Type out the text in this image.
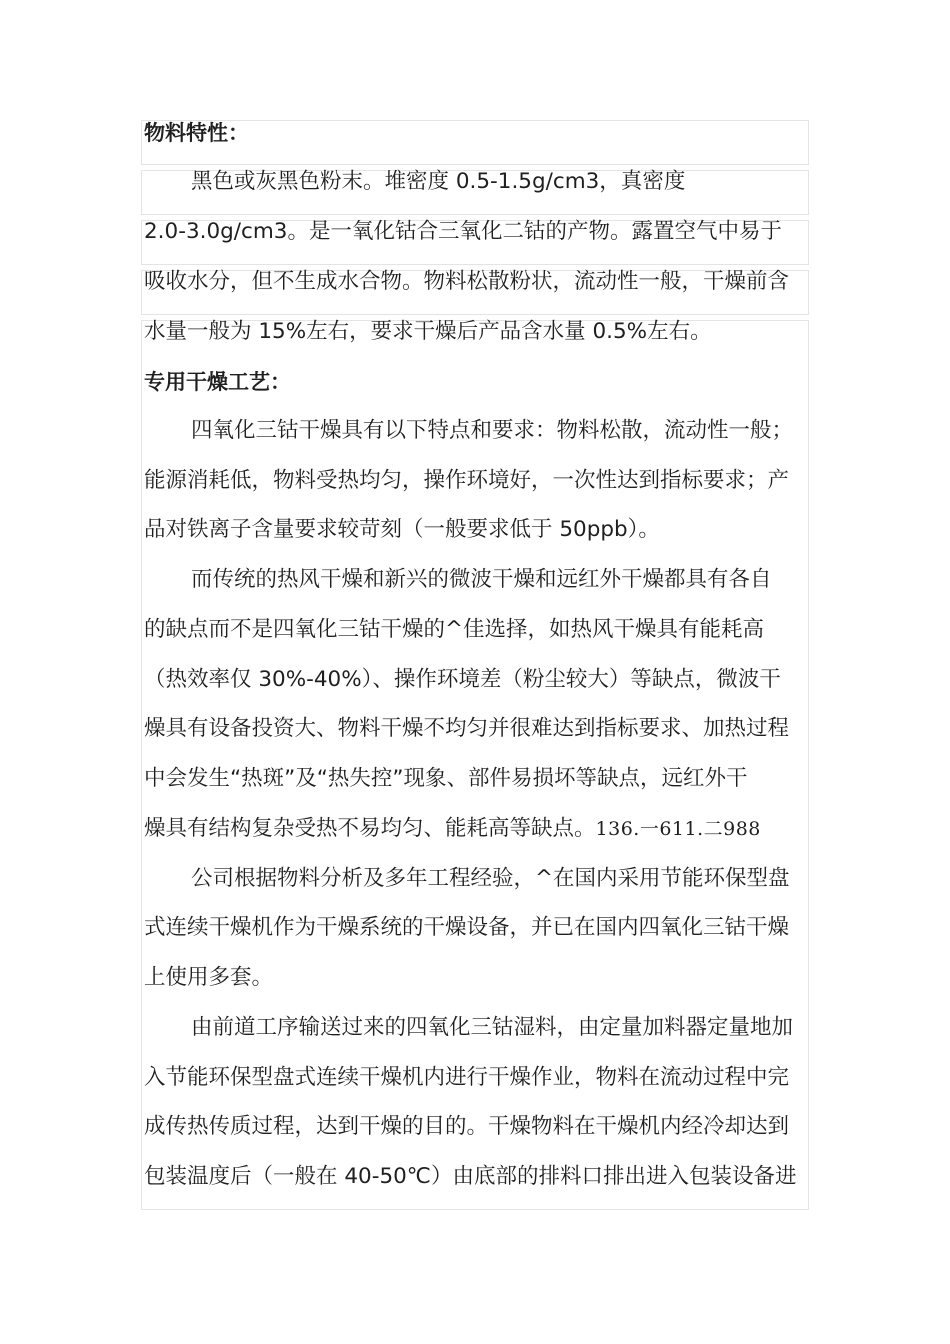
物料特性：
黑色或灰黑色粉末。堆密度 0.5-1.5g/cm3，真密度
2.0-3.0g/cm3。是一氧化钴合三氧化二钴的产物。露置空气中易于
吸收水分，但不生成水合物。物料松散粉状，流动性一般，干燥前含
水量一般为 15%左右，要求干燥后产品含水量 0.5%左右。
专用干燥工艺：
四氧化三钴干燥具有以下特点和要求：物料松散，流动性一般；
能源消耗低，物料受热均匀，操作环境好，一次性达到指标要求；产
品对铁离子含量要求较苛刻（一般要求低于 50ppb）。
而传统的热风干燥和新兴的微波干燥和远红外干燥都具有各自
的缺点而不是四氧化三钴干燥的^佳选择，如热风干燥具有能耗高
（热效率仅 30%-40%）、操作环境差（粉尘较大）等缺点，微波干
燥具有设备投资大、物料干燥不均匀并很难达到指标要求、加热过程
中会发生“热斑”及“热失控”现象、部件易损坏等缺点，远红外干
燥具有结构复杂受热不易均匀、能耗高等缺点。136.一611.二988
公司根据物料分析及多年工程经验，^在国内采用节能环保型盘
式连续干燥机作为干燥系统的干燥设备，并已在国内四氧化三钴干燥
上使用多套。
由前道工序输送过来的四氧化三钴湿料，由定量加料器定量地加
入节能环保型盘式连续干燥机内进行干燥作业，物料在流动过程中完
成传热传质过程，达到干燥的目的。干燥物料在干燥机内经冷却达到
包装温度后（一般在 40-50℃）由底部的排料口排出进入包装设备进
